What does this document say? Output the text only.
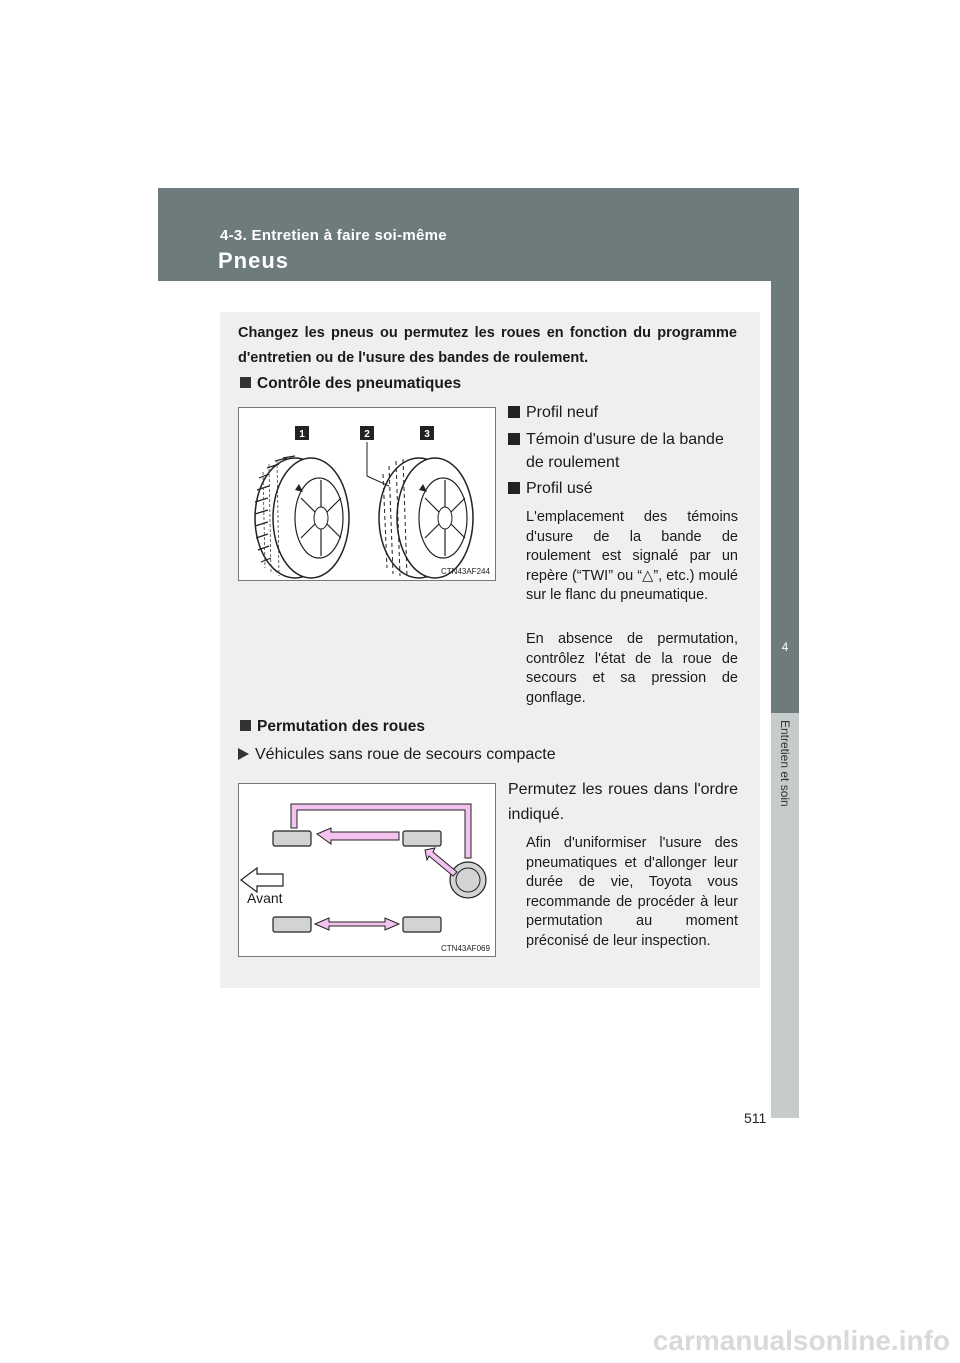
4-3. Entretien à faire soi-même
Pneus
4
Entretien et soin
Changez les pneus ou permutez les roues en fonction du programme d'entretien ou de l'usure des bandes de roulement.
Contrôle des pneumatiques
1	2	3
CTN43AF244
Profil neuf
Témoin d'usure de la bande
de roulement
Profil usé
L'emplacement des témoins d'usure de la bande de roulement est signalé par un repère (“TWI” ou “△”, etc.) moulé sur le flanc du pneumatique.
En absence de permutation, contrôlez l'état de la roue de secours et sa pression de gonflage.
Permutation des roues
Véhicules sans roue de secours compacte
Avant
CTN43AF069
Permutez les roues dans l'ordre indiqué.
Afin d'uniformiser l'usure des pneumatiques et d'allonger leur durée de vie, Toyota vous recommande de procéder à leur permutation au moment préconisé de leur inspection.
511
carmanualsonline.info
